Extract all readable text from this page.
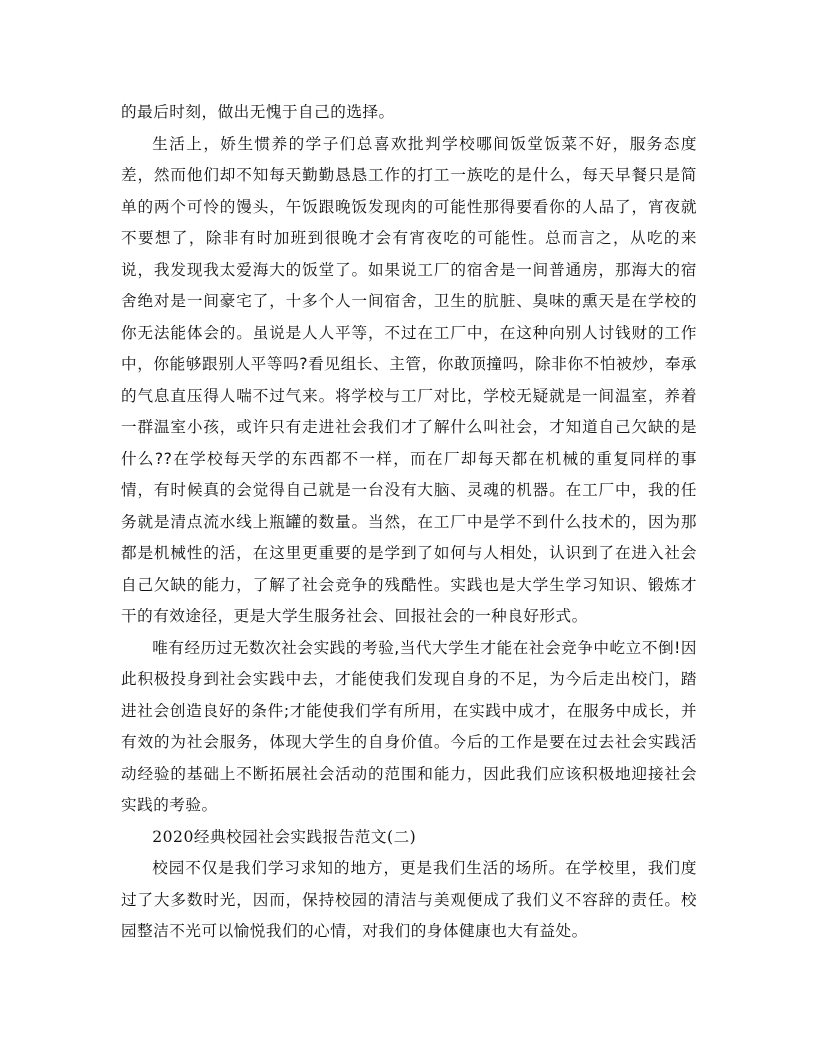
的最后时刻，做出无愧于自己的选择。

生活上，娇生惯养的学子们总喜欢批判学校哪间饭堂饭菜不好，服务态度差，然而他们却不知每天勤勤恳恳工作的打工一族吃的是什么，每天早餐只是简单的两个可怜的馒头，午饭跟晚饭发现肉的可能性那得要看你的人品了，宵夜就不要想了，除非有时加班到很晚才会有宵夜吃的可能性。总而言之，从吃的来说，我发现我太爱海大的饭堂了。如果说工厂的宿舍是一间普通房，那海大的宿舍绝对是一间豪宅了，十多个人一间宿舍，卫生的肮脏、臭味的熏天是在学校的你无法能体会的。虽说是人人平等，不过在工厂中，在这种向别人讨钱财的工作中，你能够跟别人平等吗?看见组长、主管，你敢顶撞吗，除非你不怕被炒，奉承的气息直压得人喘不过气来。将学校与工厂对比，学校无疑就是一间温室，养着一群温室小孩，或许只有走进社会我们才了解什么叫社会，才知道自己欠缺的是什么??在学校每天学的东西都不一样，而在厂却每天都在机械的重复同样的事情，有时候真的会觉得自己就是一台没有大脑、灵魂的机器。在工厂中，我的任务就是清点流水线上瓶罐的数量。当然，在工厂中是学不到什么技术的，因为那都是机械性的活，在这里更重要的是学到了如何与人相处，认识到了在进入社会自己欠缺的能力，了解了社会竞争的残酷性。实践也是大学生学习知识、锻炼才干的有效途径，更是大学生服务社会、回报社会的一种良好形式。

唯有经历过无数次社会实践的考验,当代大学生才能在社会竞争中屹立不倒!因此积极投身到社会实践中去，才能使我们发现自身的不足，为今后走出校门，踏进社会创造良好的条件;才能使我们学有所用，在实践中成才，在服务中成长，并有效的为社会服务，体现大学生的自身价值。今后的工作是要在过去社会实践活动经验的基础上不断拓展社会活动的范围和能力，因此我们应该积极地迎接社会实践的考验。

2020经典校园社会实践报告范文(二)

校园不仅是我们学习求知的地方，更是我们生活的场所。在学校里，我们度过了大多数时光，因而，保持校园的清洁与美观便成了我们义不容辞的责任。校园整洁不光可以愉悦我们的心情，对我们的身体健康也大有益处。
